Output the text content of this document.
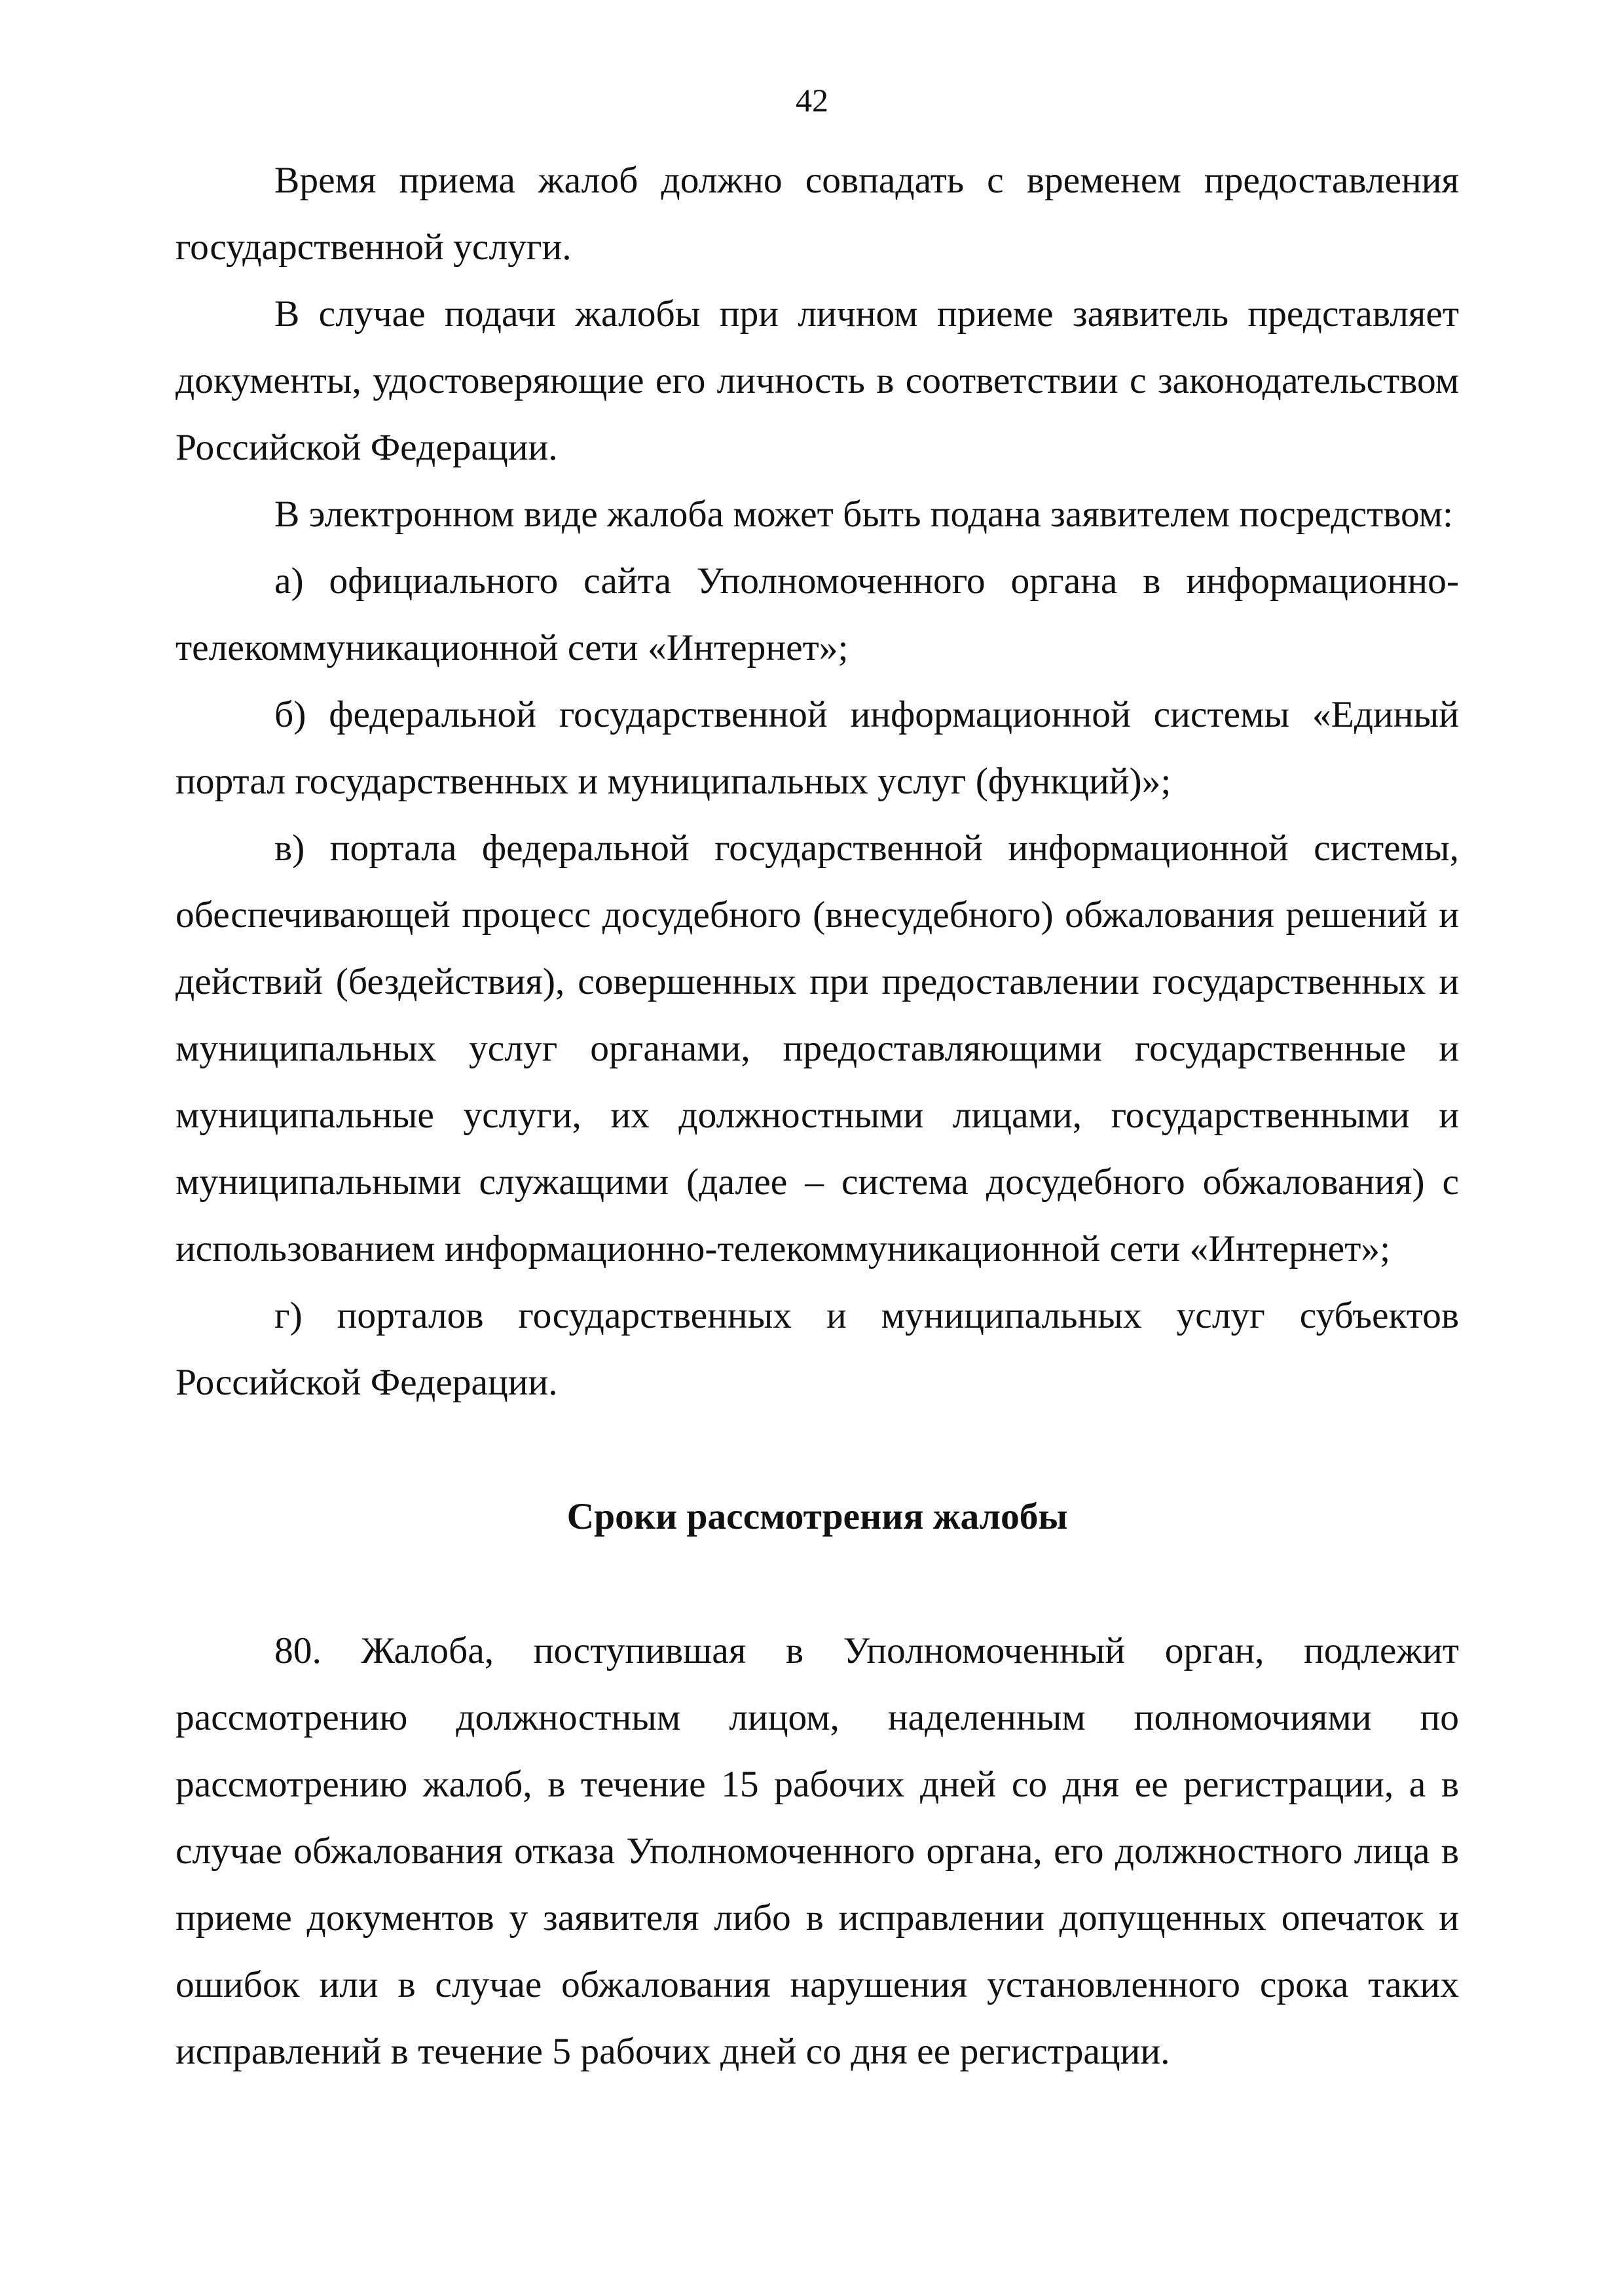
42

Время приема жалоб должно совпадать с временем предоставления государственной услуги.

В случае подачи жалобы при личном приеме заявитель представляет документы, удостоверяющие его личность в соответствии с законодательством Российской Федерации.

В электронном виде жалоба может быть подана заявителем посредством:

а) официального сайта Уполномоченного органа в информационно-телекоммуникационной сети «Интернет»;

б) федеральной государственной информационной системы «Единый портал государственных и муниципальных услуг (функций)»;

в) портала федеральной государственной информационной системы, обеспечивающей процесс досудебного (внесудебного) обжалования решений и действий (бездействия), совершенных при предоставлении государственных и муниципальных услуг органами, предоставляющими государственные и муниципальные услуги, их должностными лицами, государственными и муниципальными служащими (далее – система досудебного обжалования) с использованием информационно-телекоммуникационной сети «Интернет»;

г) порталов государственных и муниципальных услуг субъектов Российской Федерации.

Сроки рассмотрения жалобы

80. Жалоба, поступившая в Уполномоченный орган, подлежит рассмотрению должностным лицом, наделенным полномочиями по рассмотрению жалоб, в течение 15 рабочих дней со дня ее регистрации, а в случае обжалования отказа Уполномоченного органа, его должностного лица в приеме документов у заявителя либо в исправлении допущенных опечаток и ошибок или в случае обжалования нарушения установленного срока таких исправлений в течение 5 рабочих дней со дня ее регистрации.
